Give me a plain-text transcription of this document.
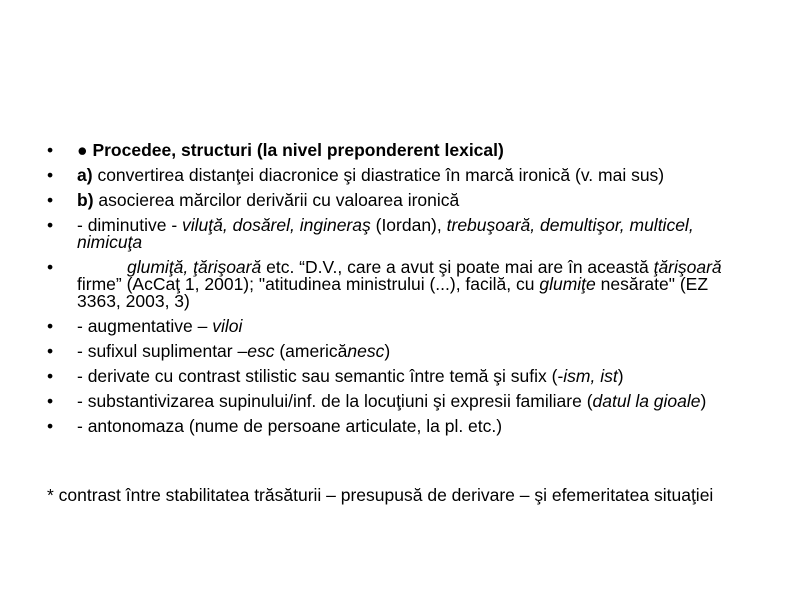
•	● Procedee, structuri (la nivel preponderent lexical)
•	a) convertirea distanţei diacronice şi diastratice în marcă ironică (v. mai sus)
•	b) asocierea mărcilor derivării cu valoarea ironică
•	- diminutive - viluţă, dosărel, ingineraş (Iordan), trebuşoară, demultişor, multicel, nimicuţa
•	glumiţă, ţărişoară etc. “D.V., care a avut şi poate mai are în această ţărişoară firme” (AcCaţ 1, 2001); "atitudinea ministrului (...), facilă, cu glumiţe nesărate" (EZ 3363, 2003, 3)
•	- augmentative – viloi
•	- sufixul suplimentar –esc (americănesc)
•	- derivate cu contrast stilistic sau semantic între temă şi sufix (-ism, ist)
•	- substantivizarea supinului/inf. de la locuţiuni şi expresii familiare (datul la gioale)
•	- antonomaza (nume de persoane articulate, la pl. etc.)
* contrast între stabilitatea trăsăturii – presupusă de derivare – şi efemeritatea situaţiei
